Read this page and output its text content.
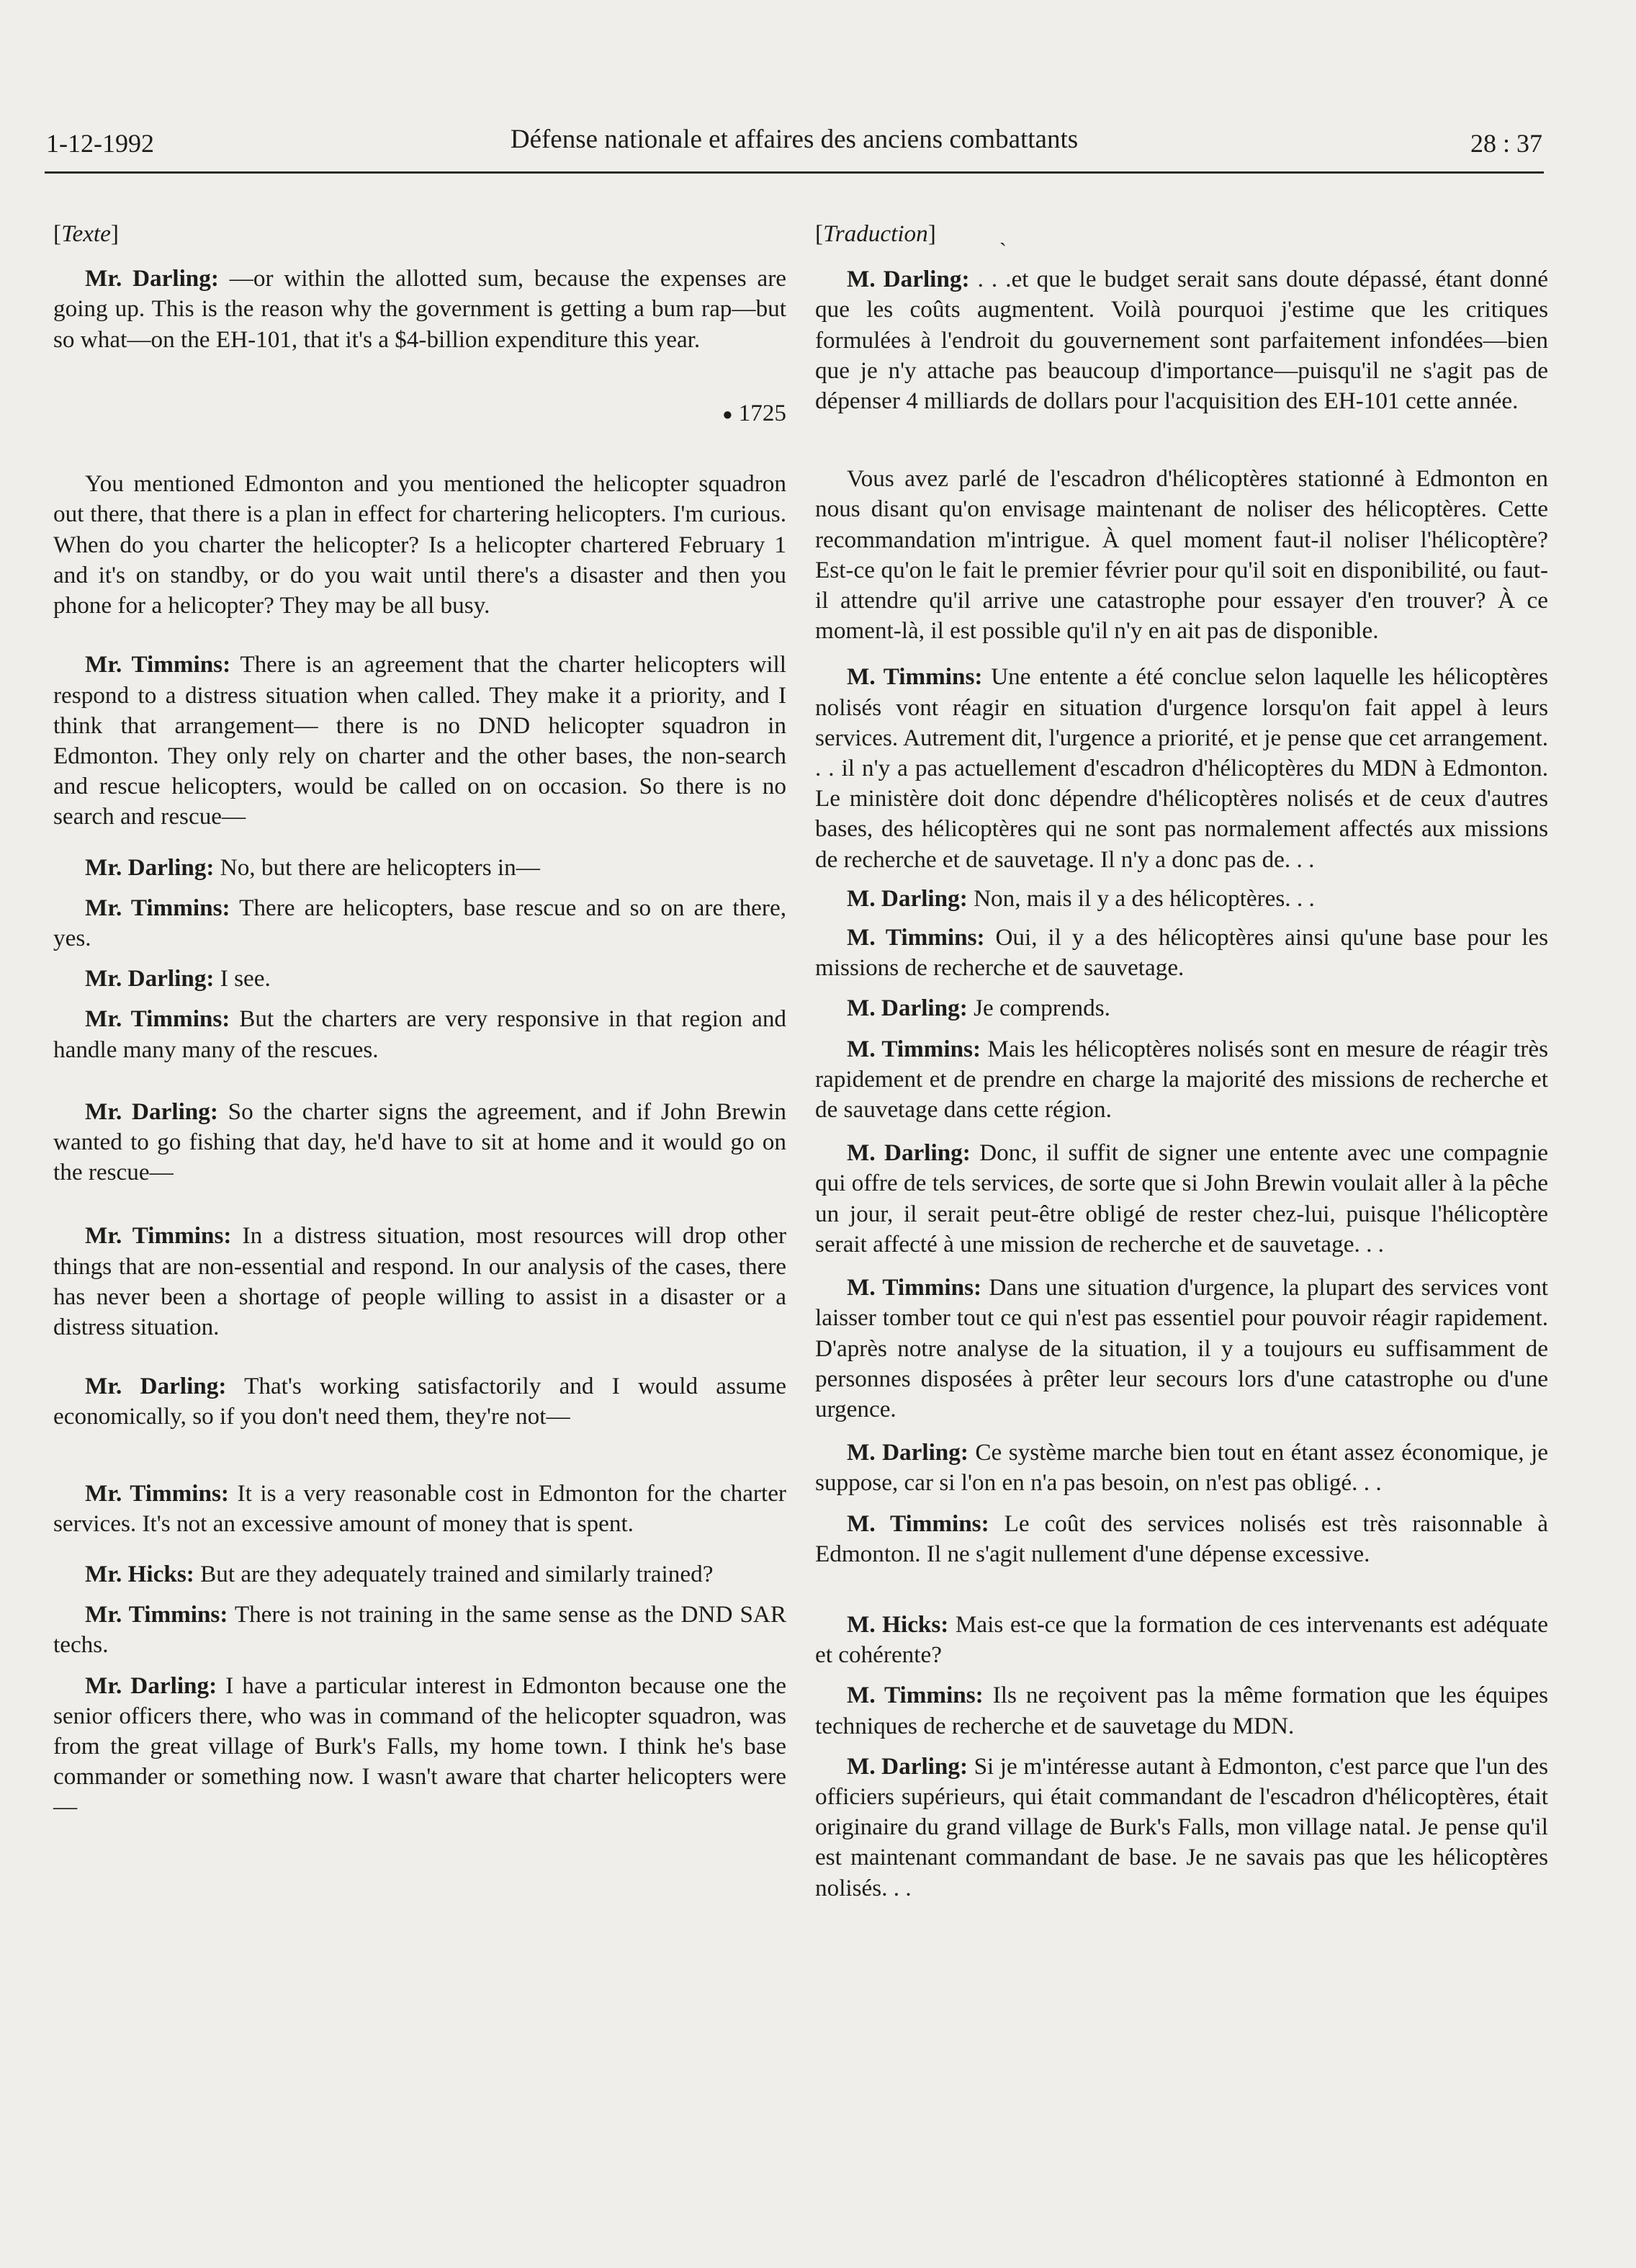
1-12-1992	Défense nationale et affaires des anciens combattants	28 : 37
[Texte]

Mr. Darling: —or within the allotted sum, because the expenses are going up. This is the reason why the government is getting a bum rap—but so what—on the EH-101, that it's a $4-billion expenditure this year.

● 1725

You mentioned Edmonton and you mentioned the helicopter squadron out there, that there is a plan in effect for chartering helicopters. I'm curious. When do you charter the helicopter? Is a helicopter chartered February 1 and it's on standby, or do you wait until there's a disaster and then you phone for a helicopter? They may be all busy.

Mr. Timmins: There is an agreement that the charter helicopters will respond to a distress situation when called. They make it a priority, and I think that arrangement— there is no DND helicopter squadron in Edmonton. They only rely on charter and the other bases, the non-search and rescue helicopters, would be called on on occasion. So there is no search and rescue—

Mr. Darling: No, but there are helicopters in—

Mr. Timmins: There are helicopters, base rescue and so on are there, yes.

Mr. Darling: I see.

Mr. Timmins: But the charters are very responsive in that region and handle many many of the rescues.

Mr. Darling: So the charter signs the agreement, and if John Brewin wanted to go fishing that day, he'd have to sit at home and it would go on the rescue—

Mr. Timmins: In a distress situation, most resources will drop other things that are non-essential and respond. In our analysis of the cases, there has never been a shortage of people willing to assist in a disaster or a distress situation.

Mr. Darling: That's working satisfactorily and I would assume economically, so if you don't need them, they're not—

Mr. Timmins: It is a very reasonable cost in Edmonton for the charter services. It's not an excessive amount of money that is spent.

Mr. Hicks: But are they adequately trained and similarly trained?

Mr. Timmins: There is not training in the same sense as the DND SAR techs.

Mr. Darling: I have a particular interest in Edmonton because one the senior officers there, who was in command of the helicopter squadron, was from the great village of Burk's Falls, my home town. I think he's base commander or something now. I wasn't aware that charter helicopters were—

[Traduction]	ˎ

M. Darling: . . .et que le budget serait sans doute dépassé, étant donné que les coûts augmentent. Voilà pourquoi j'estime que les critiques formulées à l'endroit du gouvernement sont parfaitement infondées—bien que je n'y attache pas beaucoup d'importance—puisqu'il ne s'agit pas de dépenser 4 milliards de dollars pour l'acquisition des EH-101 cette année.

Vous avez parlé de l'escadron d'hélicoptères stationné à Edmonton en nous disant qu'on envisage maintenant de noliser des hélicoptères. Cette recommandation m'intrigue. À quel moment faut-il noliser l'hélicoptère? Est-ce qu'on le fait le premier février pour qu'il soit en disponibilité, ou faut-il attendre qu'il arrive une catastrophe pour essayer d'en trouver? À ce moment-là, il est possible qu'il n'y en ait pas de disponible.

M. Timmins: Une entente a été conclue selon laquelle les hélicoptères nolisés vont réagir en situation d'urgence lorsqu'on fait appel à leurs services. Autrement dit, l'urgence a priorité, et je pense que cet arrangement. . . il n'y a pas actuellement d'escadron d'hélicoptères du MDN à Edmonton. Le ministère doit donc dépendre d'hélicoptères nolisés et de ceux d'autres bases, des hélicoptères qui ne sont pas normalement affectés aux missions de recherche et de sauvetage. Il n'y a donc pas de. . .

M. Darling: Non, mais il y a des hélicoptères. . .

M. Timmins: Oui, il y a des hélicoptères ainsi qu'une base pour les missions de recherche et de sauvetage.

M. Darling: Je comprends.

M. Timmins: Mais les hélicoptères nolisés sont en mesure de réagir très rapidement et de prendre en charge la majorité des missions de recherche et de sauvetage dans cette région.

M. Darling: Donc, il suffit de signer une entente avec une compagnie qui offre de tels services, de sorte que si John Brewin voulait aller à la pêche un jour, il serait peut-être obligé de rester chez-lui, puisque l'hélicoptère serait affecté à une mission de recherche et de sauvetage. . .

M. Timmins: Dans une situation d'urgence, la plupart des services vont laisser tomber tout ce qui n'est pas essentiel pour pouvoir réagir rapidement. D'après notre analyse de la situation, il y a toujours eu suffisamment de personnes disposées à prêter leur secours lors d'une catastrophe ou d'une urgence.

M. Darling: Ce système marche bien tout en étant assez économique, je suppose, car si l'on en n'a pas besoin, on n'est pas obligé. . .

M. Timmins: Le coût des services nolisés est très raisonnable à Edmonton. Il ne s'agit nullement d'une dépense excessive.

M. Hicks: Mais est-ce que la formation de ces intervenants est adéquate et cohérente?

M. Timmins: Ils ne reçoivent pas la même formation que les équipes techniques de recherche et de sauvetage du MDN.

M. Darling: Si je m'intéresse autant à Edmonton, c'est parce que l'un des officiers supérieurs, qui était commandant de l'escadron d'hélicoptères, était originaire du grand village de Burk's Falls, mon village natal. Je pense qu'il est maintenant commandant de base. Je ne savais pas que les hélicoptères nolisés. . .
